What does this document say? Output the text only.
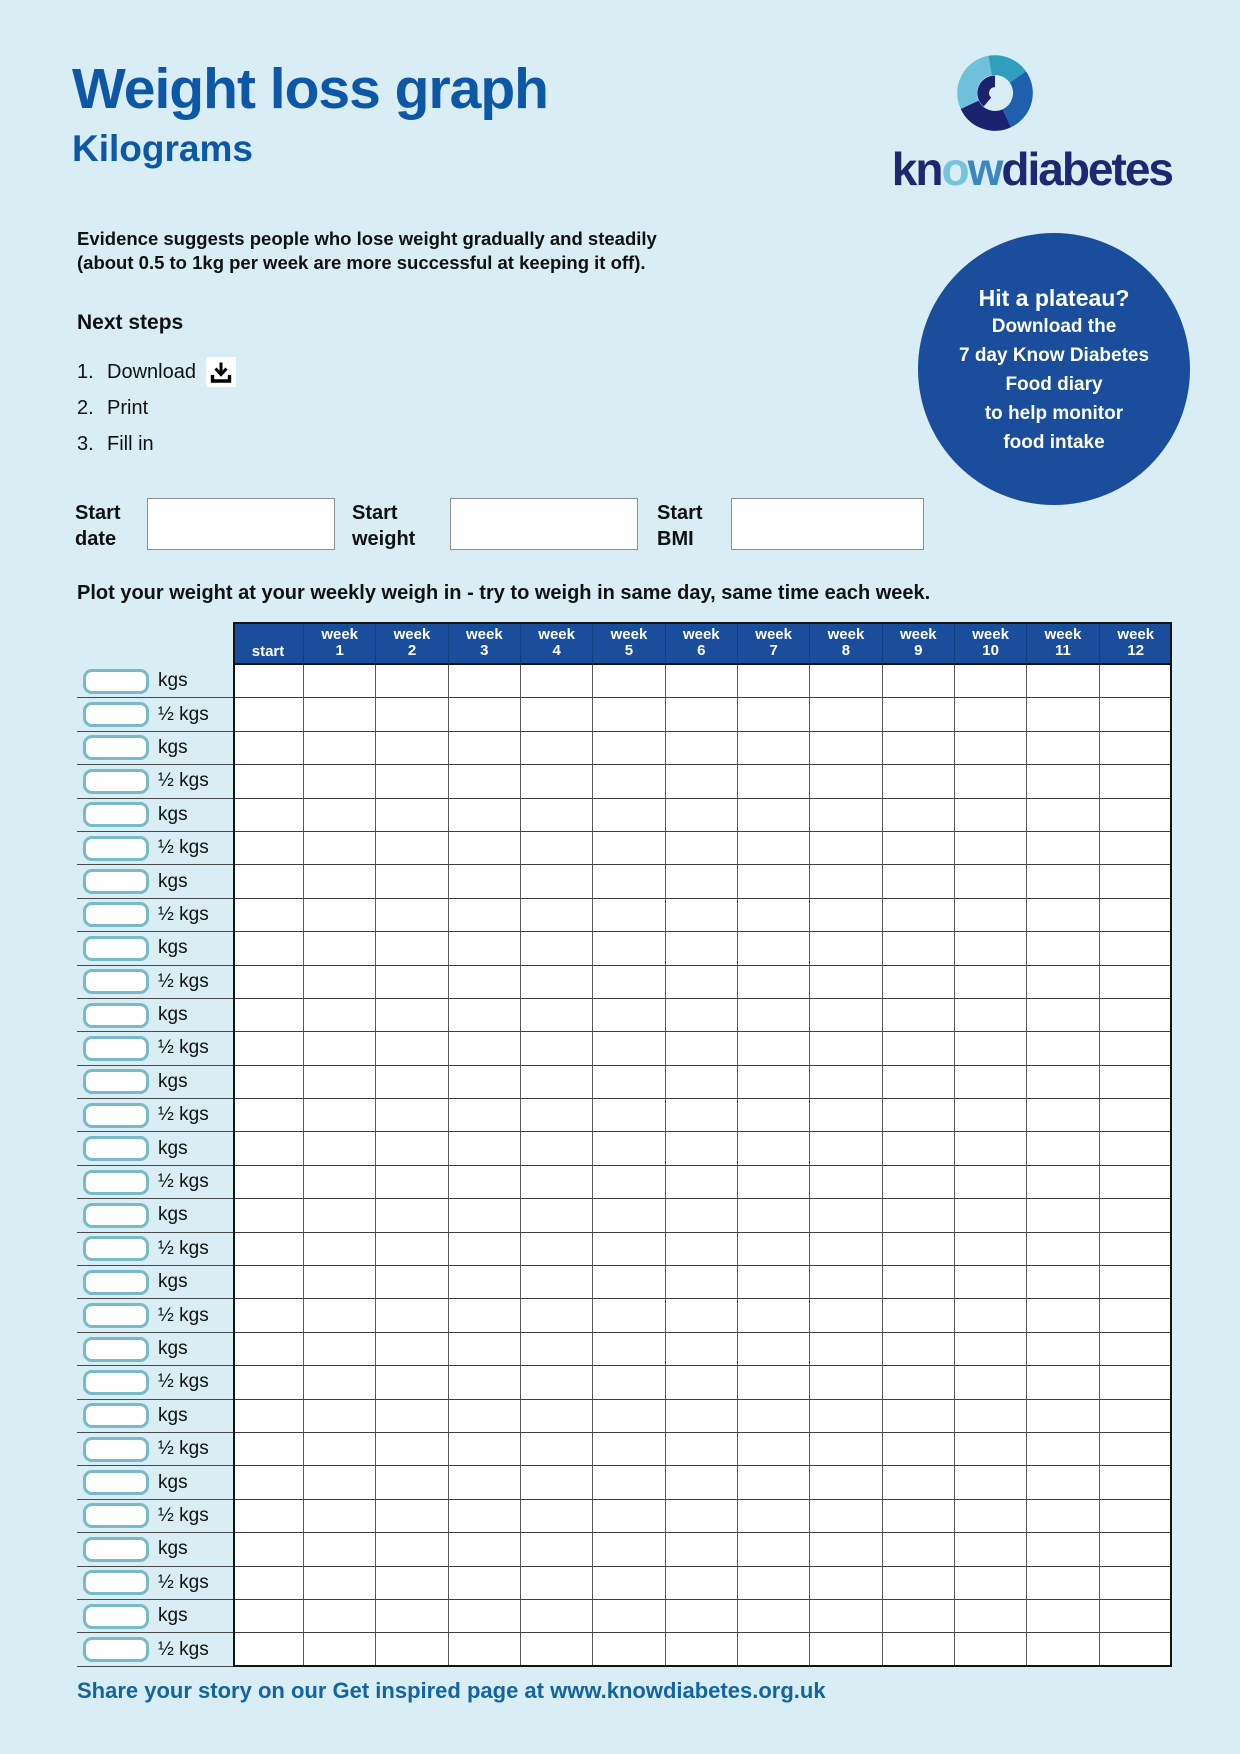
Weight loss graph
Kilograms	knowdiabetes
Evidence suggests people who lose weight gradually and steadily
(about 0.5 to 1kg per week are more successful at keeping it off).
Next steps
1. Download
2. Print
3. Fill in
Hit a plateau?
Download the
7 day Know Diabetes
Food diary
to help monitor
food intake
Start
date
Start
weight
Start
BMI
Plot your weight at your weekly weigh in - try to weigh in same day, same time each week.
start
week
1
week
2
week
3
week
4
week
5
week
6
week
7
week
8
week
9
week
10
week
11
week
12
kgs
½ kgs
kgs
½ kgs
kgs
½ kgs
kgs
½ kgs
kgs
½ kgs
kgs
½ kgs
kgs
½ kgs
kgs
½ kgs
kgs
½ kgs
kgs
½ kgs
kgs
½ kgs
kgs
½ kgs
kgs
½ kgs
kgs
½ kgs
kgs
½ kgs
Share your story on our Get inspired page at www.knowdiabetes.org.uk
